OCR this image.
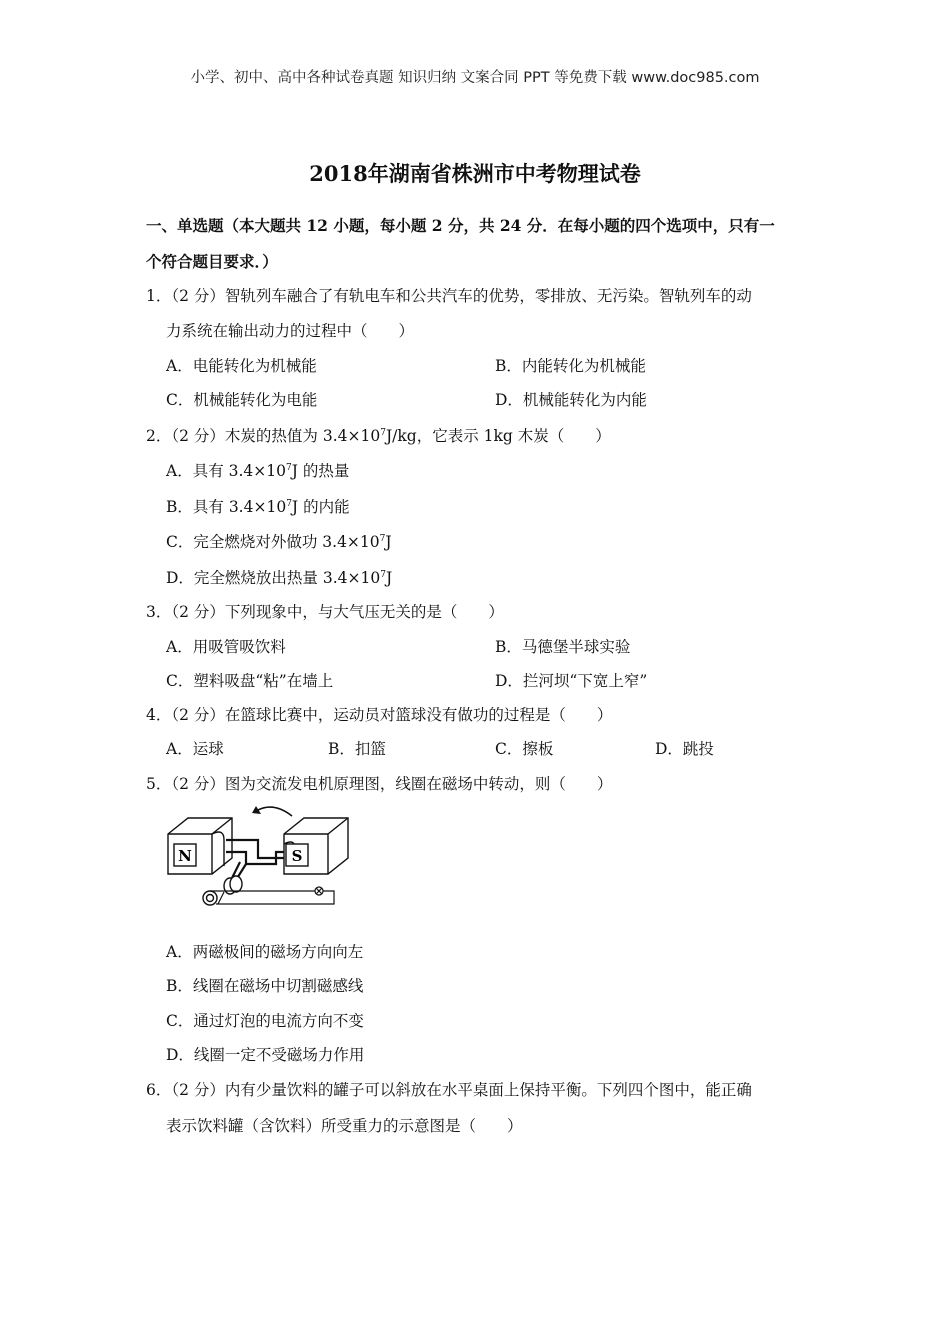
小学、初中、高中各种试卷真题 知识归纳 文案合同 PPT 等免费下载 www.doc985.com
2018年湖南省株洲市中考物理试卷
一、单选题（本大题共 12 小题，每小题 2 分，共 24 分．在每小题的四个选项中，只有一
个符合题目要求．）
1．（2 分）智轨列车融合了有轨电车和公共汽车的优势，零排放、无污染。智轨列车的动
力系统在输出动力的过程中（　　）
A．电能转化为机械能	B．内能转化为机械能
C．机械能转化为电能	D．机械能转化为内能
2．（2 分）木炭的热值为 $3.4\times 10^7J/kg$，它表示 1kg 木炭（　　）
A．具有 $3.4\times 10^7J$ 的热量
B．具有 $3.4\times 10^7J$ 的内能
C．完全燃烧对外做功 $3.4\times 10^7J$
D．完全燃烧放出热量 $3.4\times 10^7J$
3．（2 分）下列现象中，与大气压无关的是（　　）
A．用吸管吸饮料	B．马德堡半球实验
C．塑料吸盘“粘”在墙上	D．拦河坝“下宽上窄”
4．（2 分）在篮球比赛中，运动员对篮球没有做功的过程是（　　）
A．运球	B．扣篮	C．擦板	D．跳投
5．（2 分）图为交流发电机原理图，线圈在磁场中转动，则（　　）
N	S
A．两磁极间的磁场方向向左
B．线圈在磁场中切割磁感线
C．通过灯泡的电流方向不变
D．线圈一定不受磁场力作用
6．（2 分）内有少量饮料的罐子可以斜放在水平桌面上保持平衡。下列四个图中，能正确
表示饮料罐（含饮料）所受重力的示意图是（　　）
